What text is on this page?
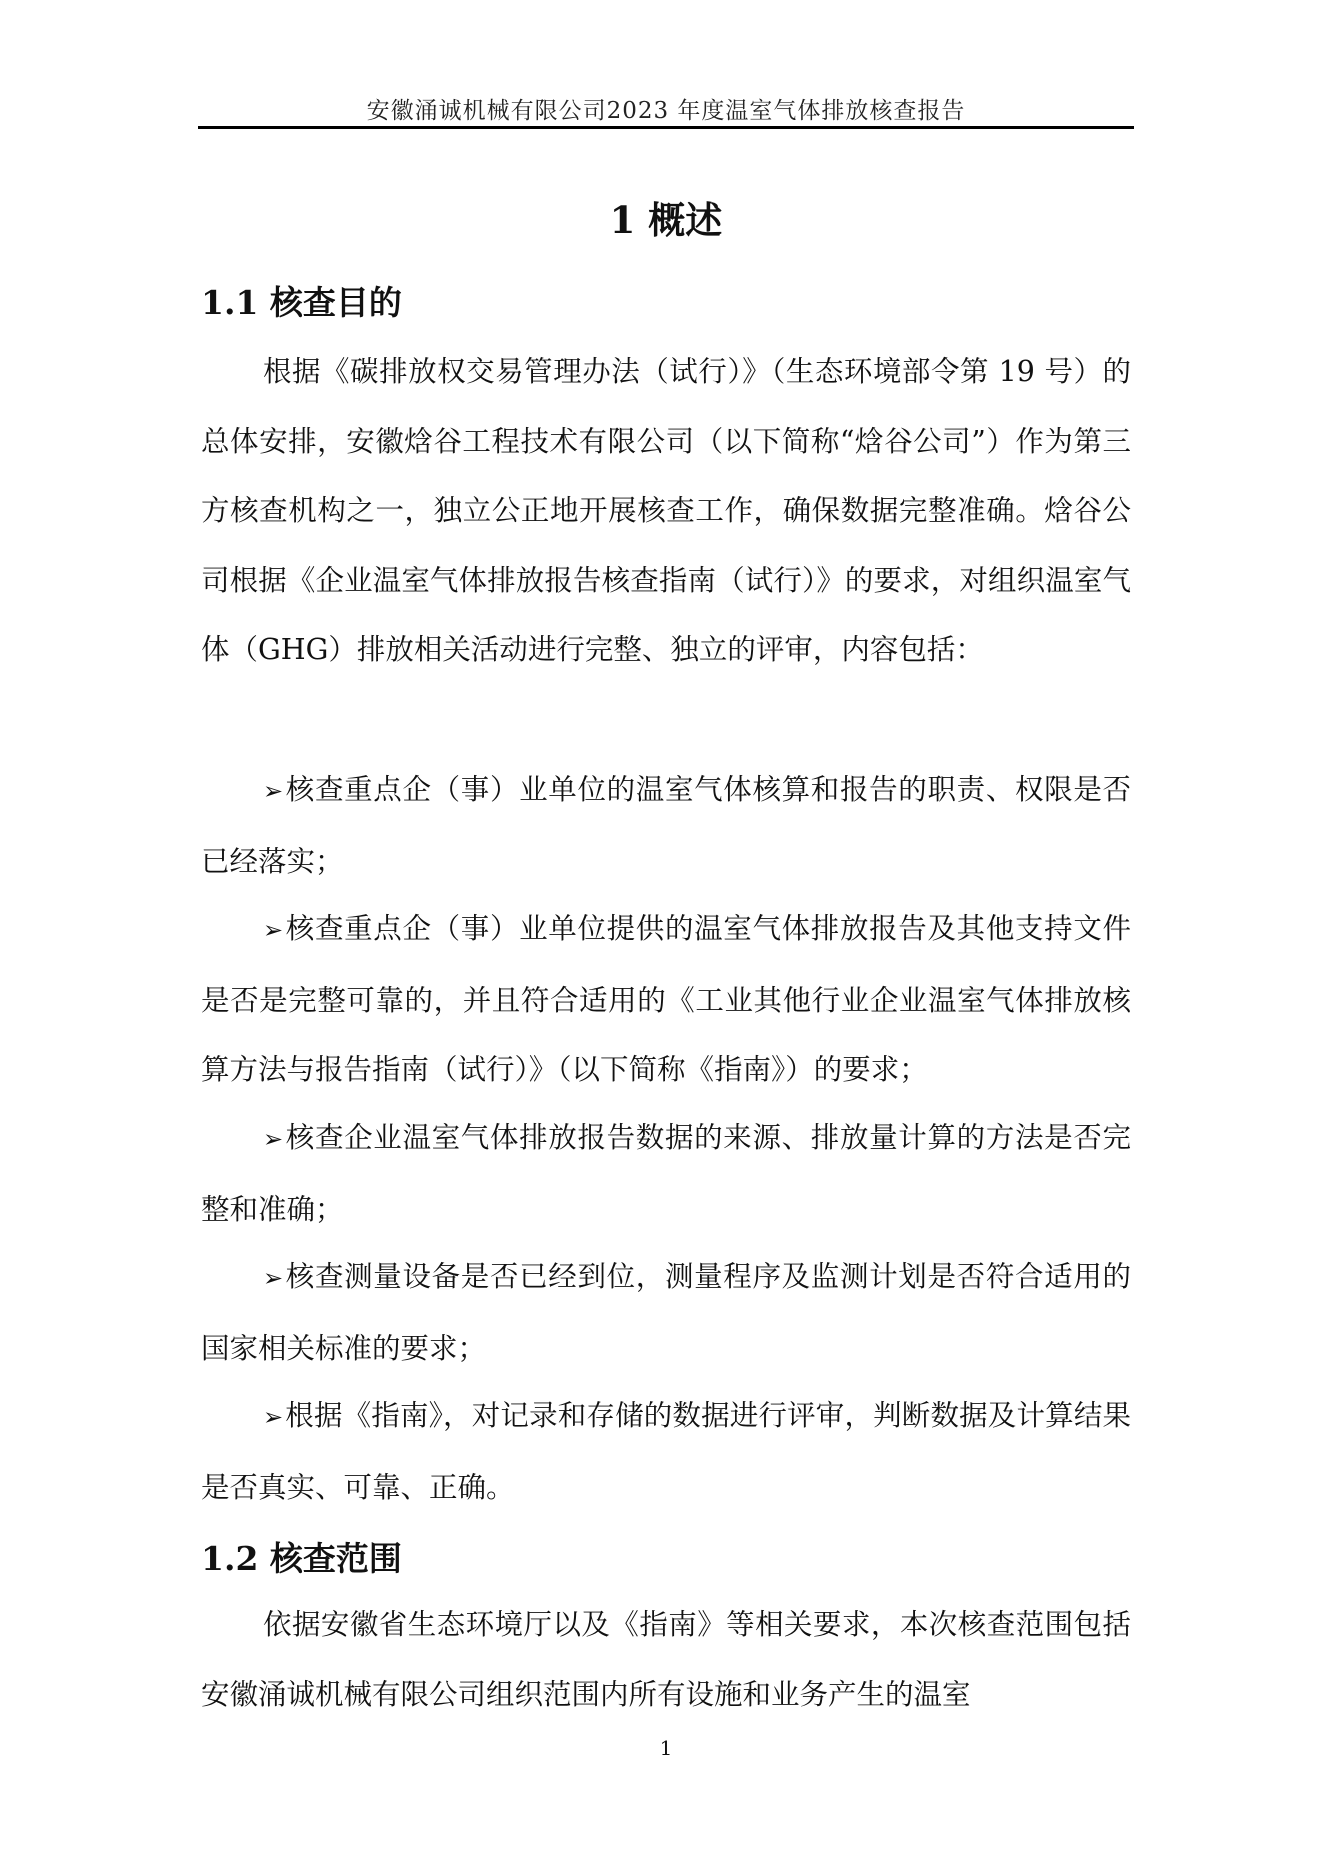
安徽涌诚机械有限公司2023 年度温室气体排放核查报告
1 概述
1.1 核查目的

根据《碳排放权交易管理办法（试行）》（生态环境部令第 19 号）的总体安排，安徽焓谷工程技术有限公司（以下简称“焓谷公司”）作为第三方核查机构之一，独立公正地开展核查工作，确保数据完整准确。焓谷公司根据《企业温室气体排放报告核查指南（试行）》的要求，对组织温室气体（GHG）排放相关活动进行完整、独立的评审，内容包括：

➢核查重点企（事）业单位的温室气体核算和报告的职责、权限是否已经落实；

➢核查重点企（事）业单位提供的温室气体排放报告及其他支持文件是否是完整可靠的，并且符合适用的《工业其他行业企业温室气体排放核算方法与报告指南（试行）》（以下简称《指南》）的要求；

➢核查企业温室气体排放报告数据的来源、排放量计算的方法是否完整和准确；

➢核查测量设备是否已经到位，测量程序及监测计划是否符合适用的国家相关标准的要求；

➢根据《指南》，对记录和存储的数据进行评审，判断数据及计算结果是否真实、可靠、正确。

1.2 核查范围

依据安徽省生态环境厅以及《指南》等相关要求，本次核查范围包括安徽涌诚机械有限公司组织范围内所有设施和业务产生的温室

1
